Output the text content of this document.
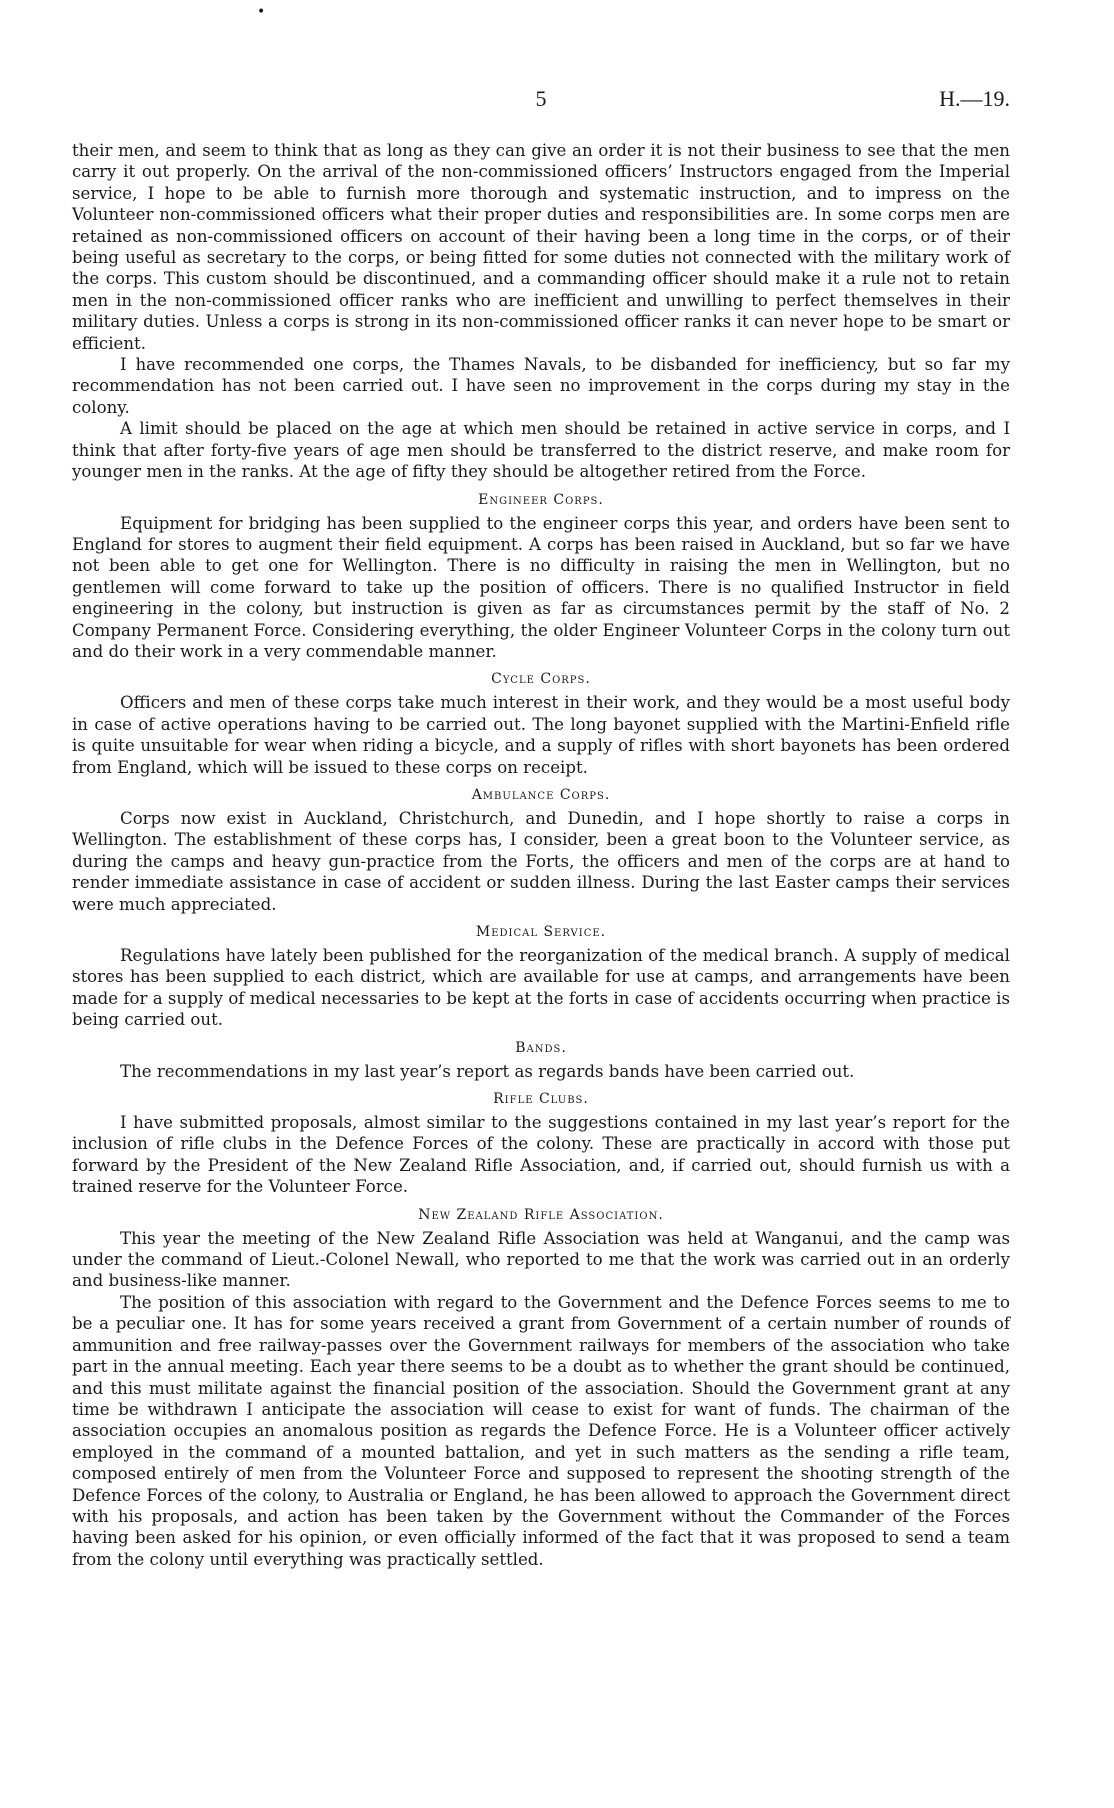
•
5	H.—19.

their men, and seem to think that as long as they can give an order it is not their business to see that the men carry it out properly. On the arrival of the non-commissioned officers’ Instructors engaged from the Imperial service, I hope to be able to furnish more thorough and systematic instruction, and to impress on the Volunteer non-commissioned officers what their proper duties and responsibilities are. In some corps men are retained as non-commissioned officers on account of their having been a long time in the corps, or of their being useful as secretary to the corps, or being fitted for some duties not connected with the military work of the corps. This custom should be discontinued, and a commanding officer should make it a rule not to retain men in the non-commissioned officer ranks who are inefficient and unwilling to perfect themselves in their military duties. Unless a corps is strong in its non-commissioned officer ranks it can never hope to be smart or efficient.

I have recommended one corps, the Thames Navals, to be disbanded for inefficiency, but so far my recommendation has not been carried out. I have seen no improvement in the corps during my stay in the colony.

A limit should be placed on the age at which men should be retained in active service in corps, and I think that after forty-five years of age men should be transferred to the district reserve, and make room for younger men in the ranks. At the age of fifty they should be altogether retired from the Force.

Engineer Corps.

Equipment for bridging has been supplied to the engineer corps this year, and orders have been sent to England for stores to augment their field equipment. A corps has been raised in Auckland, but so far we have not been able to get one for Wellington. There is no difficulty in raising the men in Wellington, but no gentlemen will come forward to take up the position of officers. There is no qualified Instructor in field engineering in the colony, but instruction is given as far as circumstances permit by the staff of No. 2 Company Permanent Force. Considering everything, the older Engineer Volunteer Corps in the colony turn out and do their work in a very commendable manner.

Cycle Corps.

Officers and men of these corps take much interest in their work, and they would be a most useful body in case of active operations having to be carried out. The long bayonet supplied with the Martini-Enfield rifle is quite unsuitable for wear when riding a bicycle, and a supply of rifles with short bayonets has been ordered from England, which will be issued to these corps on receipt.

Ambulance Corps.

Corps now exist in Auckland, Christchurch, and Dunedin, and I hope shortly to raise a corps in Wellington. The establishment of these corps has, I consider, been a great boon to the Volunteer service, as during the camps and heavy gun-practice from the Forts, the officers and men of the corps are at hand to render immediate assistance in case of accident or sudden illness. During the last Easter camps their services were much appreciated.

Medical Service.

Regulations have lately been published for the reorganization of the medical branch. A supply of medical stores has been supplied to each district, which are available for use at camps, and arrangements have been made for a supply of medical necessaries to be kept at the forts in case of accidents occurring when practice is being carried out.

Bands.

The recommendations in my last year’s report as regards bands have been carried out.

Rifle Clubs.

I have submitted proposals, almost similar to the suggestions contained in my last year’s report for the inclusion of rifle clubs in the Defence Forces of the colony. These are practically in accord with those put forward by the President of the New Zealand Rifle Association, and, if carried out, should furnish us with a trained reserve for the Volunteer Force.

New Zealand Rifle Association.

This year the meeting of the New Zealand Rifle Association was held at Wanganui, and the camp was under the command of Lieut.-Colonel Newall, who reported to me that the work was carried out in an orderly and business-like manner.

The position of this association with regard to the Government and the Defence Forces seems to me to be a peculiar one. It has for some years received a grant from Government of a certain number of rounds of ammunition and free railway-passes over the Government railways for members of the association who take part in the annual meeting. Each year there seems to be a doubt as to whether the grant should be continued, and this must militate against the financial position of the association. Should the Government grant at any time be withdrawn I anticipate the association will cease to exist for want of funds. The chairman of the association occupies an anomalous position as regards the Defence Force. He is a Volunteer officer actively employed in the command of a mounted battalion, and yet in such matters as the sending a rifle team, composed entirely of men from the Volunteer Force and supposed to represent the shooting strength of the Defence Forces of the colony, to Australia or England, he has been allowed to approach the Government direct with his proposals, and action has been taken by the Government without the Commander of the Forces having been asked for his opinion, or even officially informed of the fact that it was proposed to send a team from the colony until everything was practically settled.
